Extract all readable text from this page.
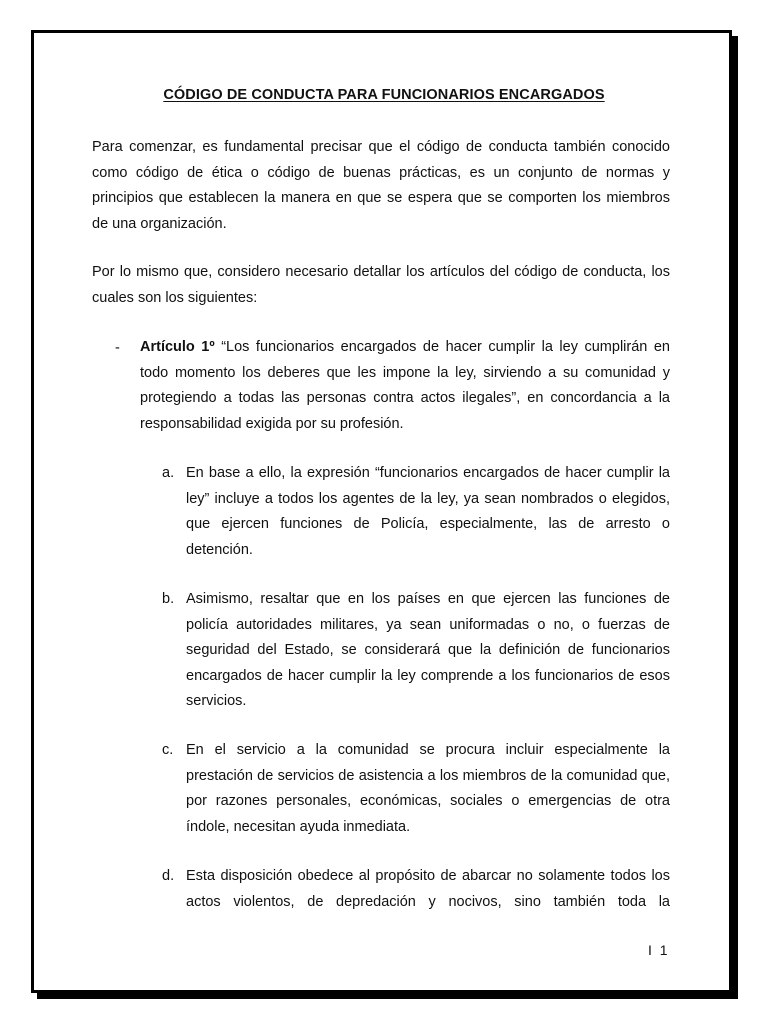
CÓDIGO DE CONDUCTA PARA FUNCIONARIOS ENCARGADOS
Para comenzar, es fundamental precisar que el código de conducta también conocido como código de ética o código de buenas prácticas, es un conjunto de normas y principios que establecen la manera en que se espera que se comporten los miembros de una organización.
Por lo mismo que, considero necesario detallar los artículos del código de conducta, los cuales son los siguientes:
- Artículo 1º “Los funcionarios encargados de hacer cumplir la ley cumplirán en todo momento los deberes que les impone la ley, sirviendo a su comunidad y protegiendo a todas las personas contra actos ilegales”, en concordancia a la responsabilidad exigida por su profesión.
a. En base a ello, la expresión “funcionarios encargados de hacer cumplir la ley” incluye a todos los agentes de la ley, ya sean nombrados o elegidos, que ejercen funciones de Policía, especialmente, las de arresto o detención.
b. Asimismo, resaltar que en los países en que ejercen las funciones de policía autoridades militares, ya sean uniformadas o no, o fuerzas de seguridad del Estado, se considerará que la definición de funcionarios encargados de hacer cumplir la ley comprende a los funcionarios de esos servicios.
c. En el servicio a la comunidad se procura incluir especialmente la prestación de servicios de asistencia a los miembros de la comunidad que, por razones personales, económicas, sociales o emergencias de otra índole, necesitan ayuda inmediata.
d. Esta disposición obedece al propósito de abarcar no solamente todos los actos violentos, de depredación y nocivos, sino también toda la
I 1
